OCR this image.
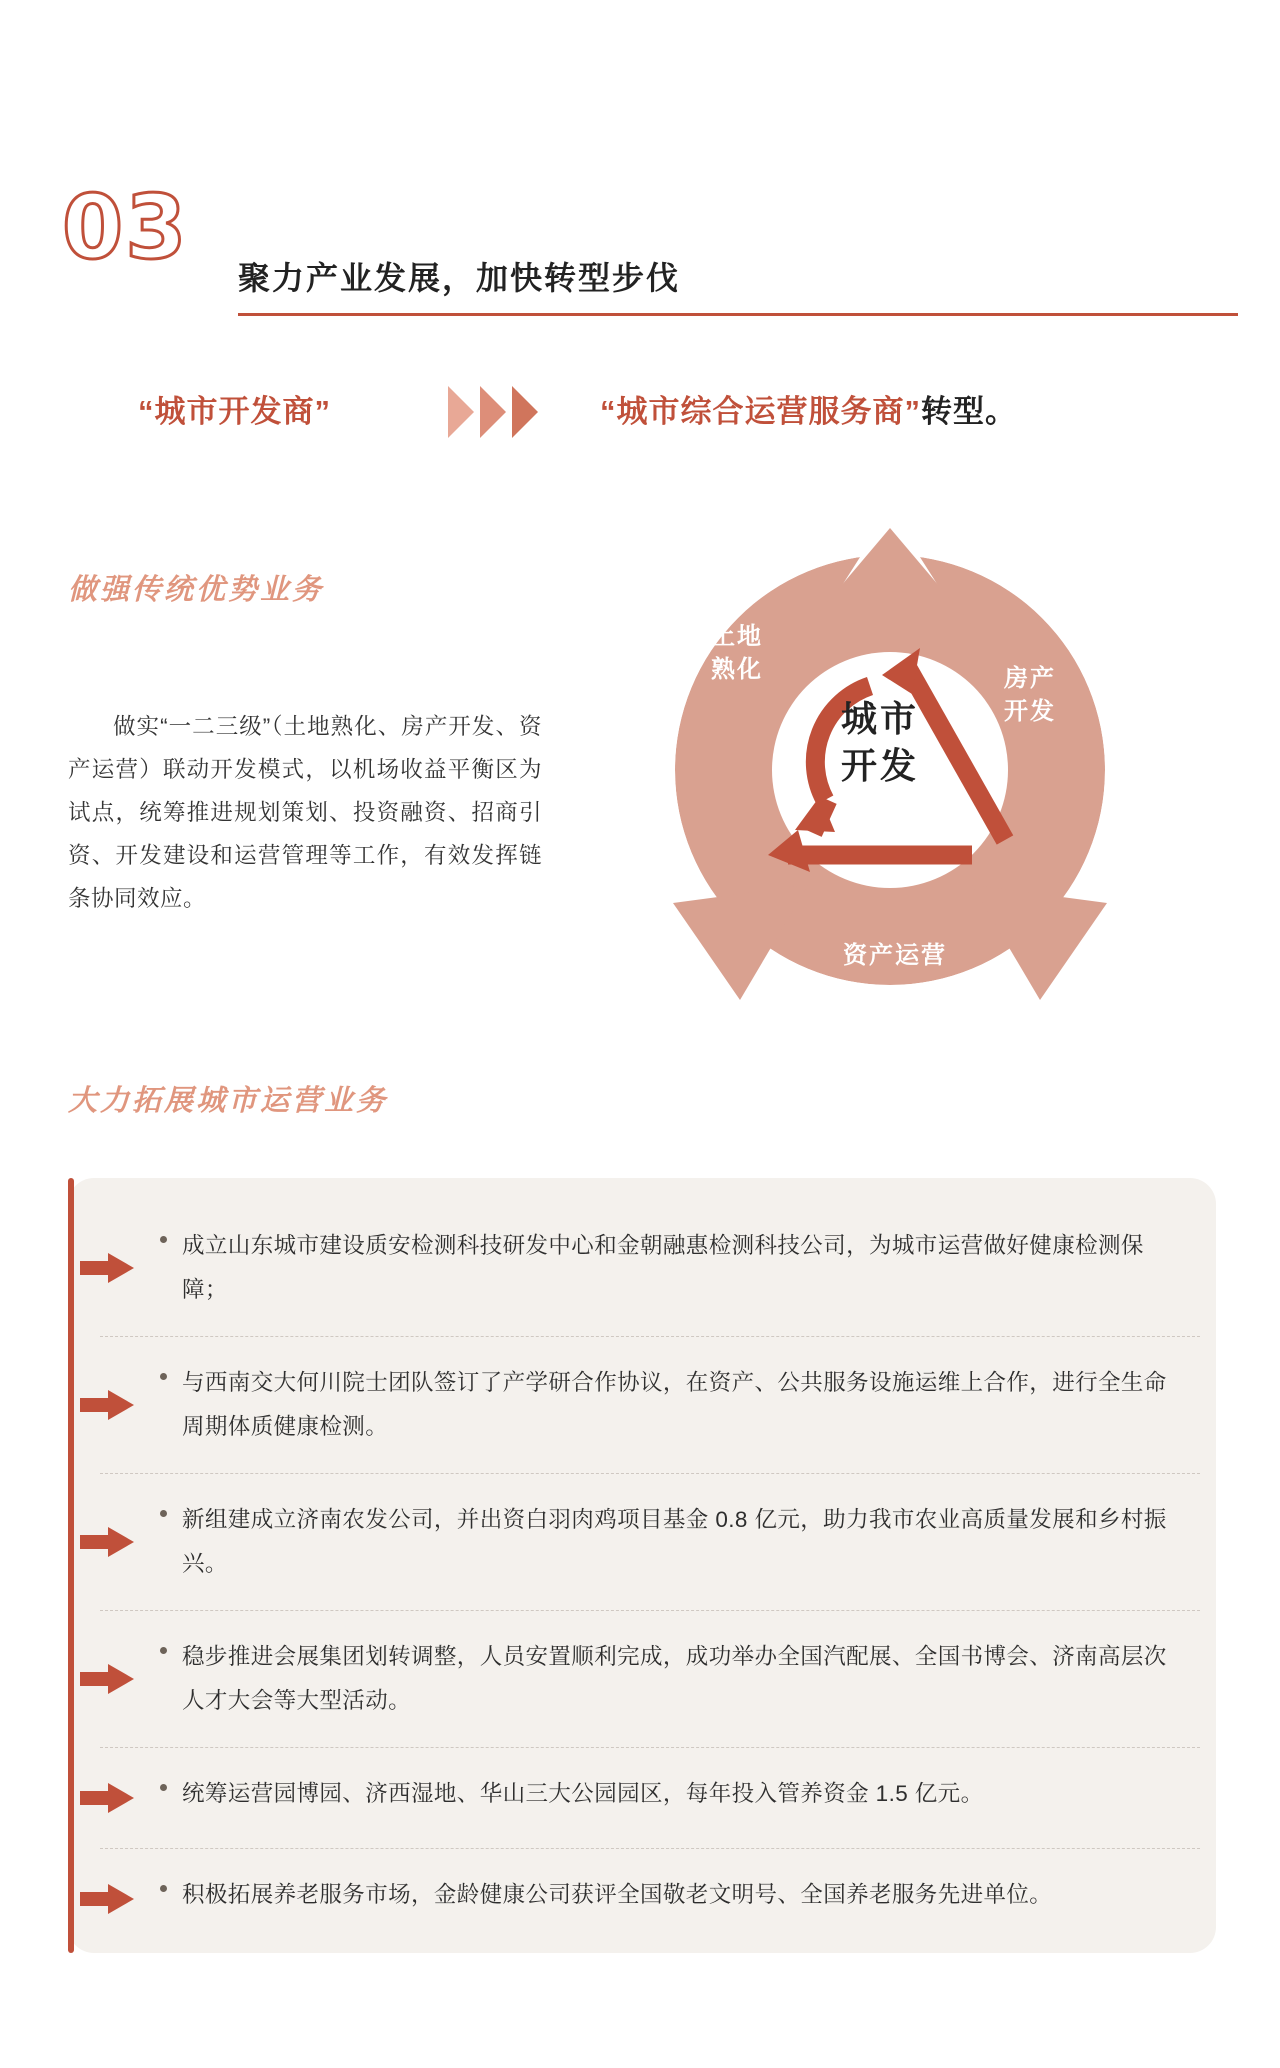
03	聚力产业发展，加快转型步伐
“城市开发商”	“城市综合运营服务商”转型。
做强传统优势业务
大力拓展城市运营业务
做实“一二三级”（土地熟化、房产开发、资产运营）联动开发模式，以机场收益平衡区为试点，统筹推进规划策划、投资融资、招商引资、开发建设和运营管理等工作，有效发挥链条协同效应。
土地
熟化	房产
开发
资产运营
城市
开发
成立山东城市建设质安检测科技研发中心和金朝融惠检测科技公司，为城市运营做好健康检测保障；
与西南交大何川院士团队签订了产学研合作协议，在资产、公共服务设施运维上合作，进行全生命周期体质健康检测。
新组建成立济南农发公司，并出资白羽肉鸡项目基金 0.8 亿元，助力我市农业高质量发展和乡村振兴。
稳步推进会展集团划转调整，人员安置顺利完成，成功举办全国汽配展、全国书博会、济南高层次人才大会等大型活动。
统筹运营园博园、济西湿地、华山三大公园园区，每年投入管养资金 1.5 亿元。
积极拓展养老服务市场，金龄健康公司获评全国敬老文明号、全国养老服务先进单位。
